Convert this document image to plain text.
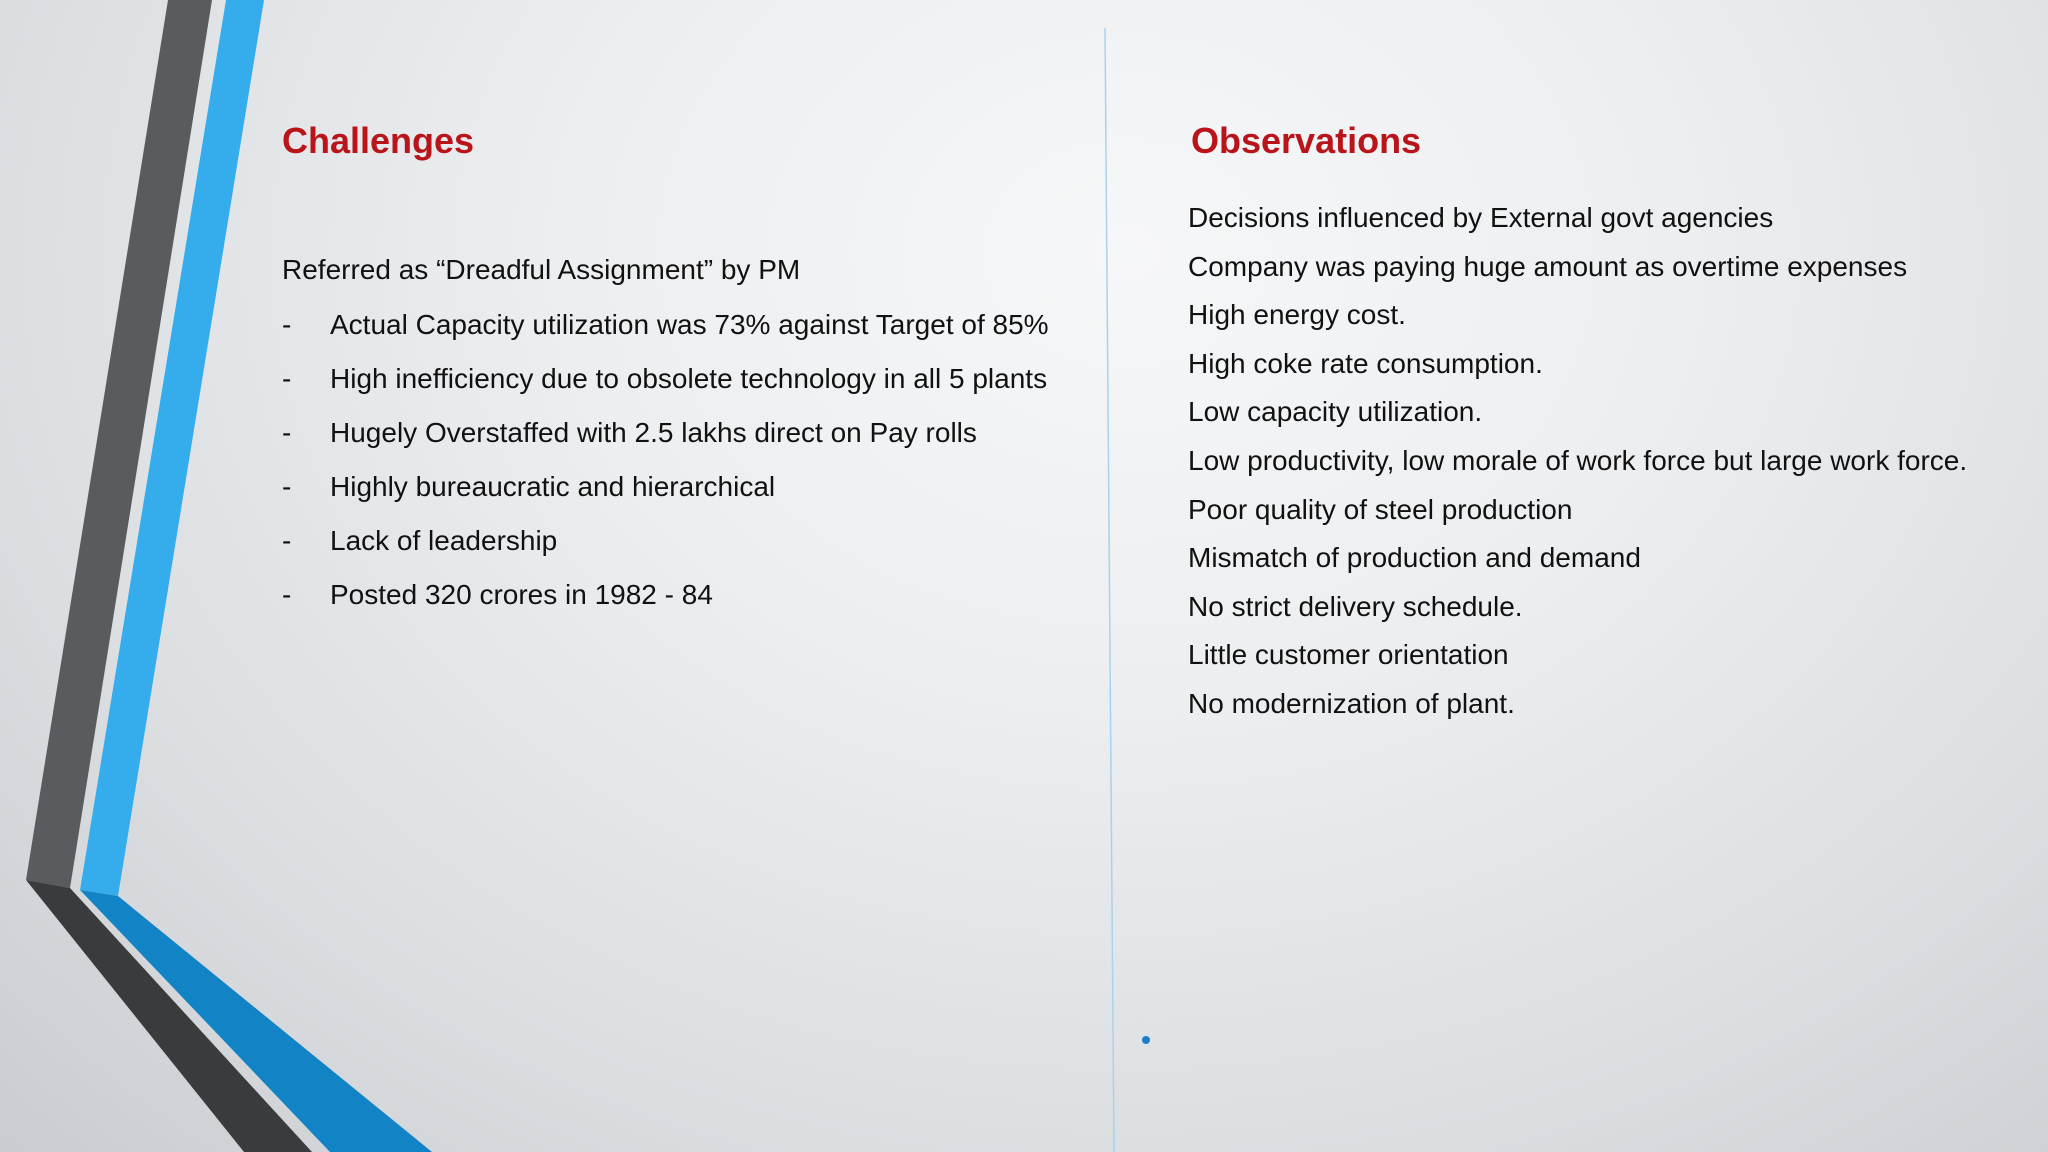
Challenges
Referred as “Dreadful Assignment” by PM
-	Actual Capacity utilization was 73% against Target of 85%
-	High inefficiency due to obsolete technology in all 5 plants
-	Hugely Overstaffed with 2.5 lakhs direct on Pay rolls
-	Highly bureaucratic and hierarchical
-	Lack of leadership
-	Posted 320 crores in 1982 - 84
Observations
Decisions influenced by External govt agencies
Company was paying huge amount as overtime expenses
High energy cost.
High coke rate consumption.
Low capacity utilization.
Low productivity, low morale of work force but large work force.
Poor quality of steel production
Mismatch of production and demand
No strict delivery schedule.
Little customer orientation
No modernization of plant.
